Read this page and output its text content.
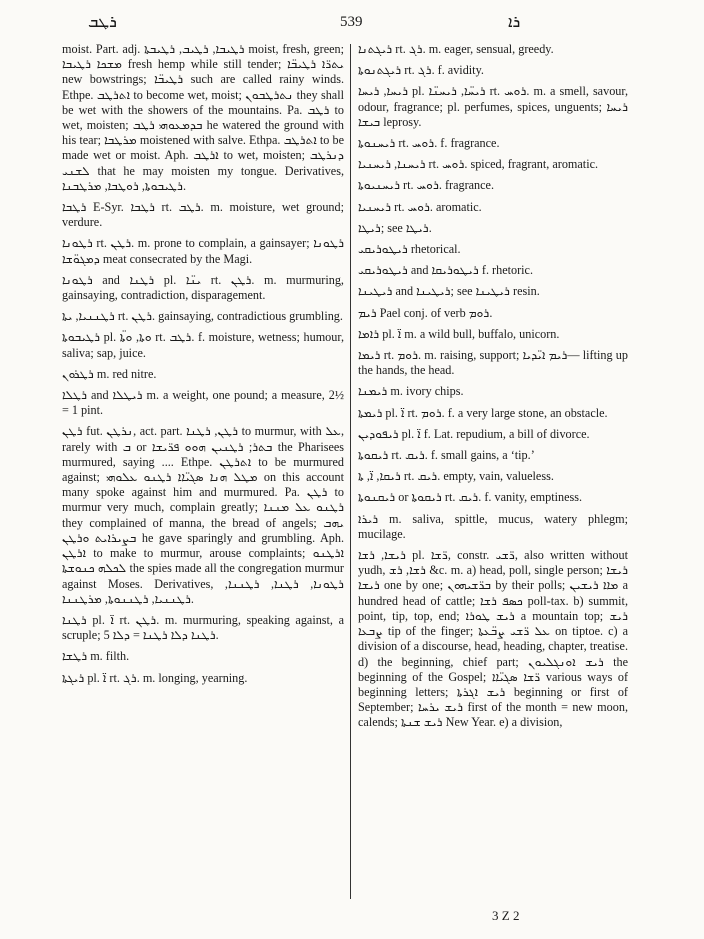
ܪܛܒ	539	ܪܐ

moist. Part. adj. ܪܛܝܒܐ, ܪܛܝܒ, ܪܛܝܒܬܐ moist, fresh, green; ܡܫܟܐ ܪܛܝܒܐ fresh hemp while still tender; ܝܬܪ̈ܐ ܪܛܝܒ̈ܐ new bowstrings; ܪܛܝܒ̈ܐ such are called rainy winds. Ethpe. ܐܬܪܛܒ to become wet, moist; ܢܬܪܛܒܘܢ they shall be wet with the showers of the mountains. Pa. ܪܛܒ to wet, moisten; ܒܕܡܥܘܗܝ ܪܛܒ he watered the ground with his tear; ܡܪܛܒܐ moistened with salve. Ethpa. ܐܬܪܛܒ to be made wet or moist. Aph. ܐܪܛܒ to wet, moisten; ܕܢܪܛܒ ܠܫܢܝ that he may moisten my tongue. Derivatives, ܪܛܝܒܘܬܐ, ܪܘܛܒܐ, ܡܪܛܒܢܐ.

ܪܛܒܐ E-Syr. ܪܛܒܐ rt. ܪܛܒ. m. moisture, wet ground; verdure.

ܪܛܘܢܐ rt. ܪܛܢ. m. prone to complain, a gainsayer; ܪܛܘܢܐ ܕܡܓܘ̈ܫܐ meat consecrated by the Magi.

ܪܛܘܢܐ and ܪܛܢܐ pl. ܝܢ̈ܐ rt. ܪܛܢ. m. murmuring, gainsaying, contradiction, disparagement.

ܪܛܢܢܝܐ, ܝܬܐ rt. ܪܛܢ. gainsaying, contradictious grumbling.

ܪܛܝܒܘܬܐ pl. ܘܬܐ, ܘܬ̈ܐ rt. ܪܛܒ. f. moisture, wetness; humour, saliva; sap, juice.

ܪܛܪܘܢ m. red nitre.

ܪܛܠܐ and ܪܝܛܠܐ m. a weight, one pound; a measure, 2½ = 1 pint.

ܪܛܢ fut. ܢܪܛܢ, act. part. ܪܛܢ, ܪܛܢܐ to murmur, with ܥܠ, rarely with ܒ or ܒܬܪ; ܪܛܢܝܢ ܗܘܘ ܦܪ̈ܝܫܐ the Pharisees murmured, saying .... Ethpe. ܐܬܪܛܢ to be murmured against; ܡܛܠ ܗܢܐ ܣܓܝ̈ܐܐ ܪܛܢܘ ܥܠܘܗܝ on this account many spoke against him and murmured. Pa. ܪܛܢ to murmur very much, complain greatly; ܪܛܢܘ ܥܠ ܡܢܢܐ they complained of manna, the bread of angels; ܝܗܒ ܒܨܝܪܐܝܬ ܘܪܛܢ he gave sparingly and grumbling. Aph. ܐܪܛܢ to make to murmur, arouse complaints; ܐܪܛܢܘ ܠܟܠܗ ܟܢܘܫܬܐ the spies made all the congregation murmur against Moses. Derivatives, ܪܛܘܢܐ, ܪܛܢܐ, ܪܛܢܢܐ, ܪܛܢܢܝܐ, ܪܛܢܢܘܬܐ, ܡܪܛܢܢܐ.

ܪܛܢܐ pl. ܐ̈ rt. ܪܛܢ. m. murmuring, speaking against, a scruple; ܪܛܢܐ ܕܠܐ ܪܛܢܐ = ܕܠܐ 5.

ܪܛܫܐ m. filth.

ܪܝܓܬܐ pl. ܐ̈ rt. ܪܓ. m. longing, yearning.

ܪܝܓܬܢܐ rt. ܪܓ. m. eager, sensual, greedy.

ܪܝܓܬܢܘܬܐ rt. ܪܓ. f. avidity.

ܪܝܚܐ, ܪܝܚܐ pl. ܪܝܚ̈ܐ, ܪܝܚܢ̈ܐ rt. ܪܘܚ. m. a smell, savour, odour, fragrance; pl. perfumes, spices, unguents; ܪܝܚܐ ܒܝܫܐ leprosy.

ܪܝܚܢܘܬܐ rt. ܪܘܚ. f. fragrance.

ܪܝܚܢܐ, ܪܝܚܢܝܐ rt. ܪܘܚ. spiced, fragrant, aromatic.

ܪܝܚܢܝܘܬܐ rt. ܪܘܚ. fragrance.

ܪܝܚܢܝܐ rt. ܪܘܚ. aromatic.

ܪܝܛܐ; see ܪܝܛܐ.

ܪܝܛܘܪܝܩܝ rhetorical.

ܪܝܛܘܪܝܩܝ and ܪܝܛܘܪܝܩܐ f. rhetoric.

ܪܝܛܝܢܐ and ܪܝܛܝܢܐ; see ܪܝܛܝܢܐ resin.

ܪܝܡ Pael conj. of verb ܪܘܡ.

ܪܐܡܐ pl. ܐ̈ m. a wild bull, buffalo, unicorn.

ܪܝܡܐ rt. ܪܘܡ. m. raising, support; ܪܝܡ ܐܝ̈ܕܝܐ— lifting up the hands, the head.

ܪܝܡܢܐ m. ivory chips.

ܪܝܡܬܐ pl. ܐ̈ rt. ܪܘܡ. f. a very large stone, an obstacle.

ܪܝܦܘܕܝܢ pl. ܐ̈ f. Lat. repudium, a bill of divorce.

ܪܝܩܘܬܐ rt. ܪܝܩ. f. small gains, a ‘tip.’

ܪܝܩܐ, ܐ̈, ܬܐ rt. ܪܝܩ. empty, vain, valueless.

ܪܝܩܢܘܬܐ or ܪܝܩܘܬܐ rt. ܪܝܩ. f. vanity, emptiness.

ܪܝܪܐ m. saliva, spittle, mucus, watery phlegm; mucilage.

ܪܝܫܐ, ܪܫܐ pl. ܪ̈ܫܐ, constr. ܪ̈ܫܝ, also written without yudh, ܪܫܐ, ܪܫ &c. m. a) head, poll, single person; ܪܝܫܐ ܪܝܫܐ one by one; ܒܪ̈ܫܝܗܘܢ by their polls; ܡܐܐ ܪܝܫܝܢ a hundred head of cattle; ܟܣܦ ܪܫܐ poll-tax. b) summit, point, tip, top, end; ܪܝܫ ܛܘܪܐ a mountain top; ܪܝܫ ܨܒܥܐ tip of the finger; ܥܠ ܪ̈ܫܝ ܨܒ̈ܥܬܐ on tiptoe. c) a division of a discourse, head, heading, chapter, treatise. d) the beginning, chief part; ܪܝܫ ܐܘܢܓܠܝܘܢ the beginning of the Gospel; ܪ̈ܫܐ ܣܓܝ̈ܐܐ various ways of beginning letters; ܪܝܫ ܐܓܪܬܐ beginning or first of September; ܪܝܫ ܝܪܚܐ first of the month = new moon, calends; ܪܝܫ ܫܢܬܐ New Year. e) a division,

3 Z 2
